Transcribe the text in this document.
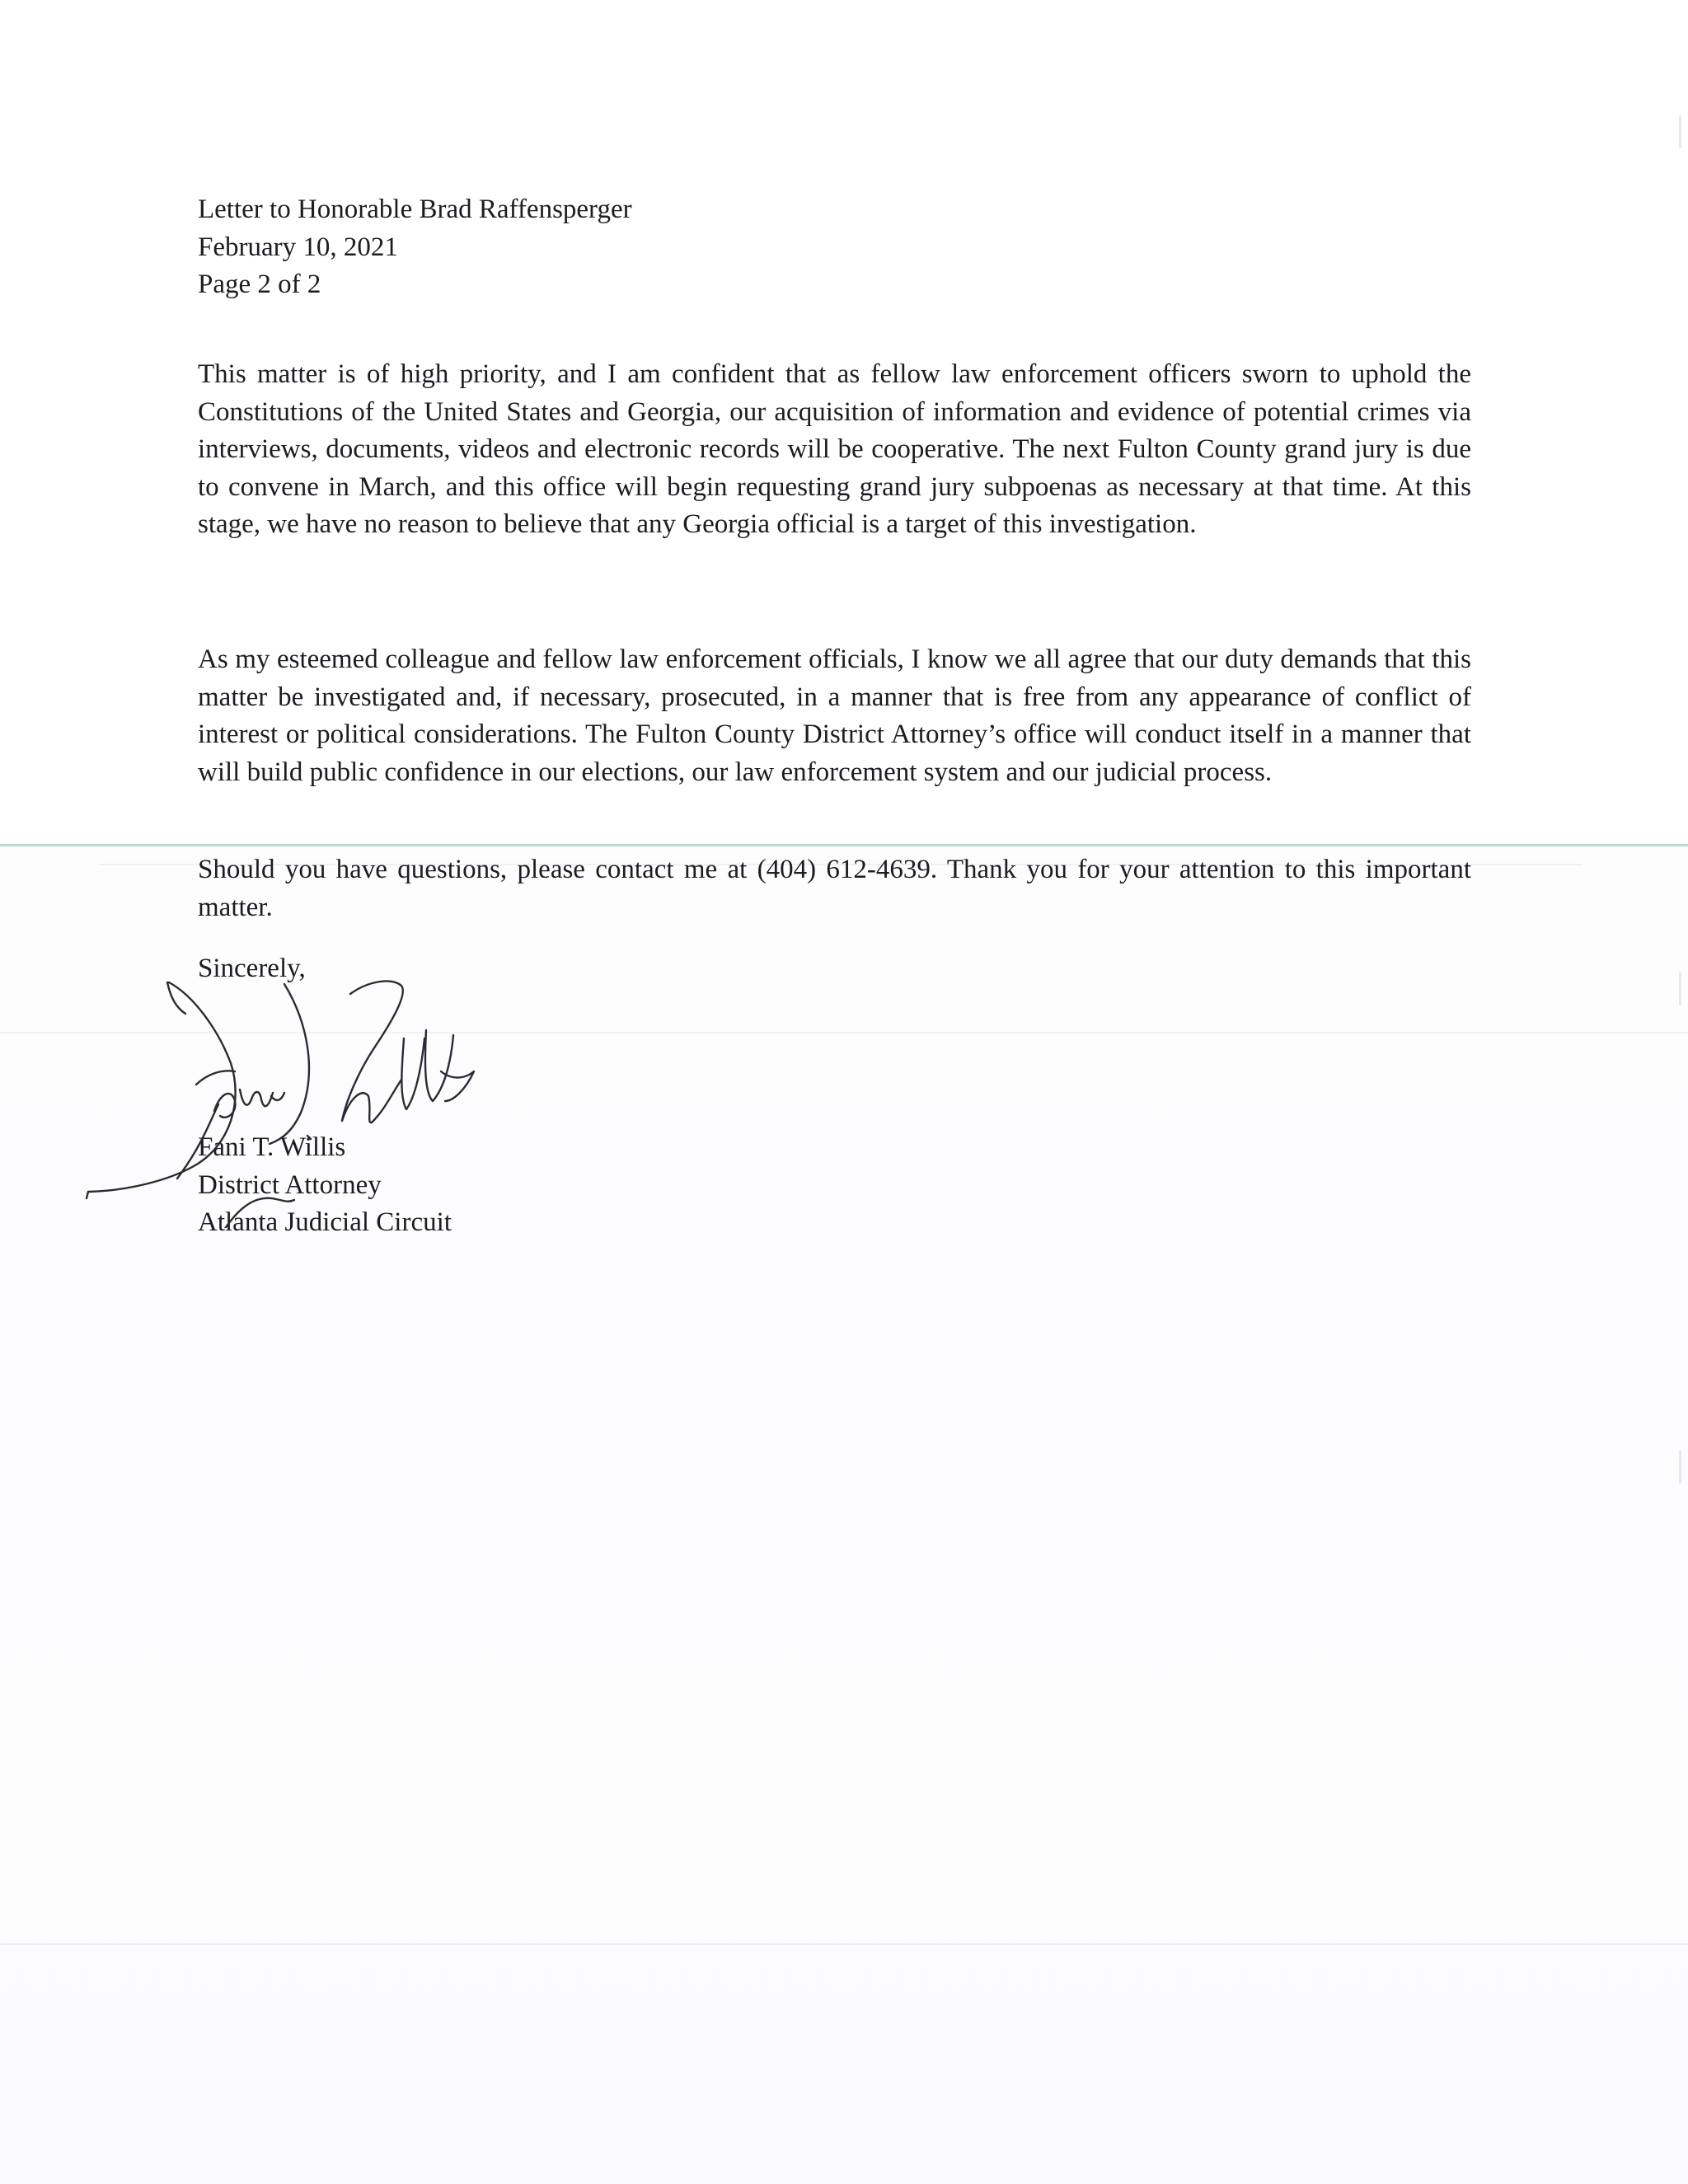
Letter to Honorable Brad Raffensperger
February 10, 2021
Page 2 of 2

This matter is of high priority, and I am confident that as fellow law enforcement officers sworn to uphold the Constitutions of the United States and Georgia, our acquisition of information and evidence of potential crimes via interviews, documents, videos and electronic records will be cooperative. The next Fulton County grand jury is due to convene in March, and this office will begin requesting grand jury subpoenas as necessary at that time. At this stage, we have no reason to believe that any Georgia official is a target of this investigation.

As my esteemed colleague and fellow law enforcement officials, I know we all agree that our duty demands that this matter be investigated and, if necessary, prosecuted, in a manner that is free from any appearance of conflict of interest or political considerations. The Fulton County District Attorney’s office will conduct itself in a manner that will build public confidence in our elections, our law enforcement system and our judicial process.

Should you have questions, please contact me at (404) 612-4639. Thank you for your attention to this important matter.

Sincerely,
Fani T. Willis
District Attorney
Atlanta Judicial Circuit
